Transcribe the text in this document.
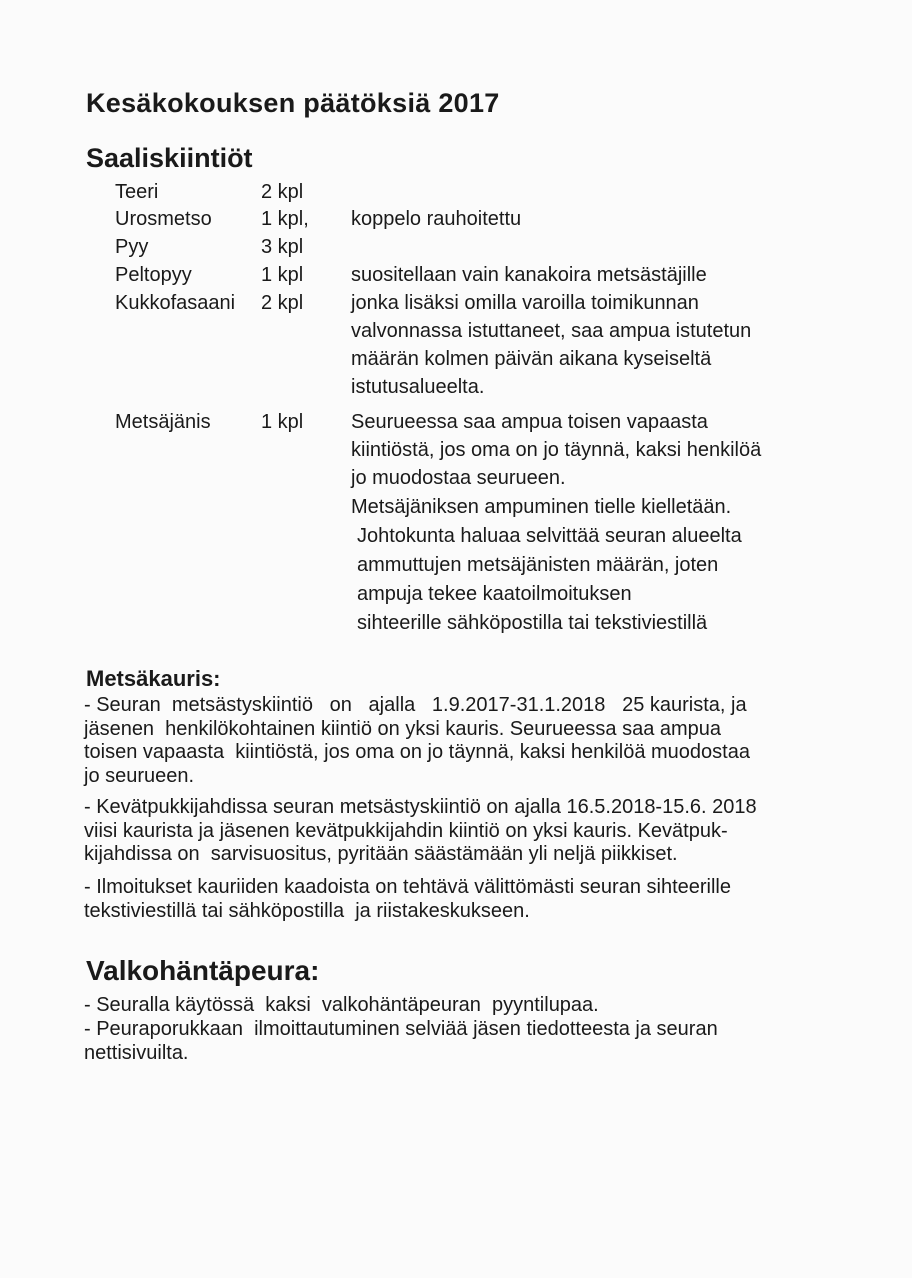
Kesäkokouksen päätöksiä 2017
Saaliskiintiöt
Teeri	2 kpl
Urosmetso 1 kpl, koppelo rauhoitettu
Pyy	3 kpl
Peltopyy	1 kpl suositellaan vain kanakoira metsästäjille
Kukkofasaani 2 kpl jonka lisäksi omilla varoilla toimikunnan
valvonnassa istuttaneet, saa ampua istutetun
määrän kolmen päivän aikana kyseiseltä
istutusalueelta.
Metsäjänis	1 kpl Seurueessa saa ampua toisen vapaasta
kiintiöstä, jos oma on jo täynnä, kaksi henkilöä
jo muodostaa seurueen.
Metsäjäniksen ampuminen tielle kielletään.
Johtokunta haluaa selvittää seuran alueelta
ammuttujen metsäjänisten määrän, joten
ampuja tekee kaatoilmoituksen
sihteerille sähköpostilla tai tekstiviestillä
Metsäkauris:
- Seuran  metsästyskiintiö   on   ajalla   1.9.2017-31.1.2018   25 kaurista, ja
jäsenen  henkilökohtainen kiintiö on yksi kauris. Seurueessa saa ampua
toisen vapaasta  kiintiöstä, jos oma on jo täynnä, kaksi henkilöä muodostaa
jo seurueen.
- Kevätpukkijahdissa seuran metsästyskiintiö on ajalla 16.5.2018-15.6. 2018
viisi kaurista ja jäsenen kevätpukkijahdin kiintiö on yksi kauris. Kevätpuk-
kijahdissa on  sarvisuositus, pyritään säästämään yli neljä piikkiset.
- Ilmoitukset kauriiden kaadoista on tehtävä välittömästi seuran sihteerille
tekstiviestillä tai sähköpostilla  ja riistakeskukseen.
Valkohäntäpeura:
- Seuralla käytössä  kaksi  valkohäntäpeuran  pyyntilupaa.
- Peuraporukkaan  ilmoittautuminen selviää jäsen tiedotteesta ja seuran
nettisivuilta.
